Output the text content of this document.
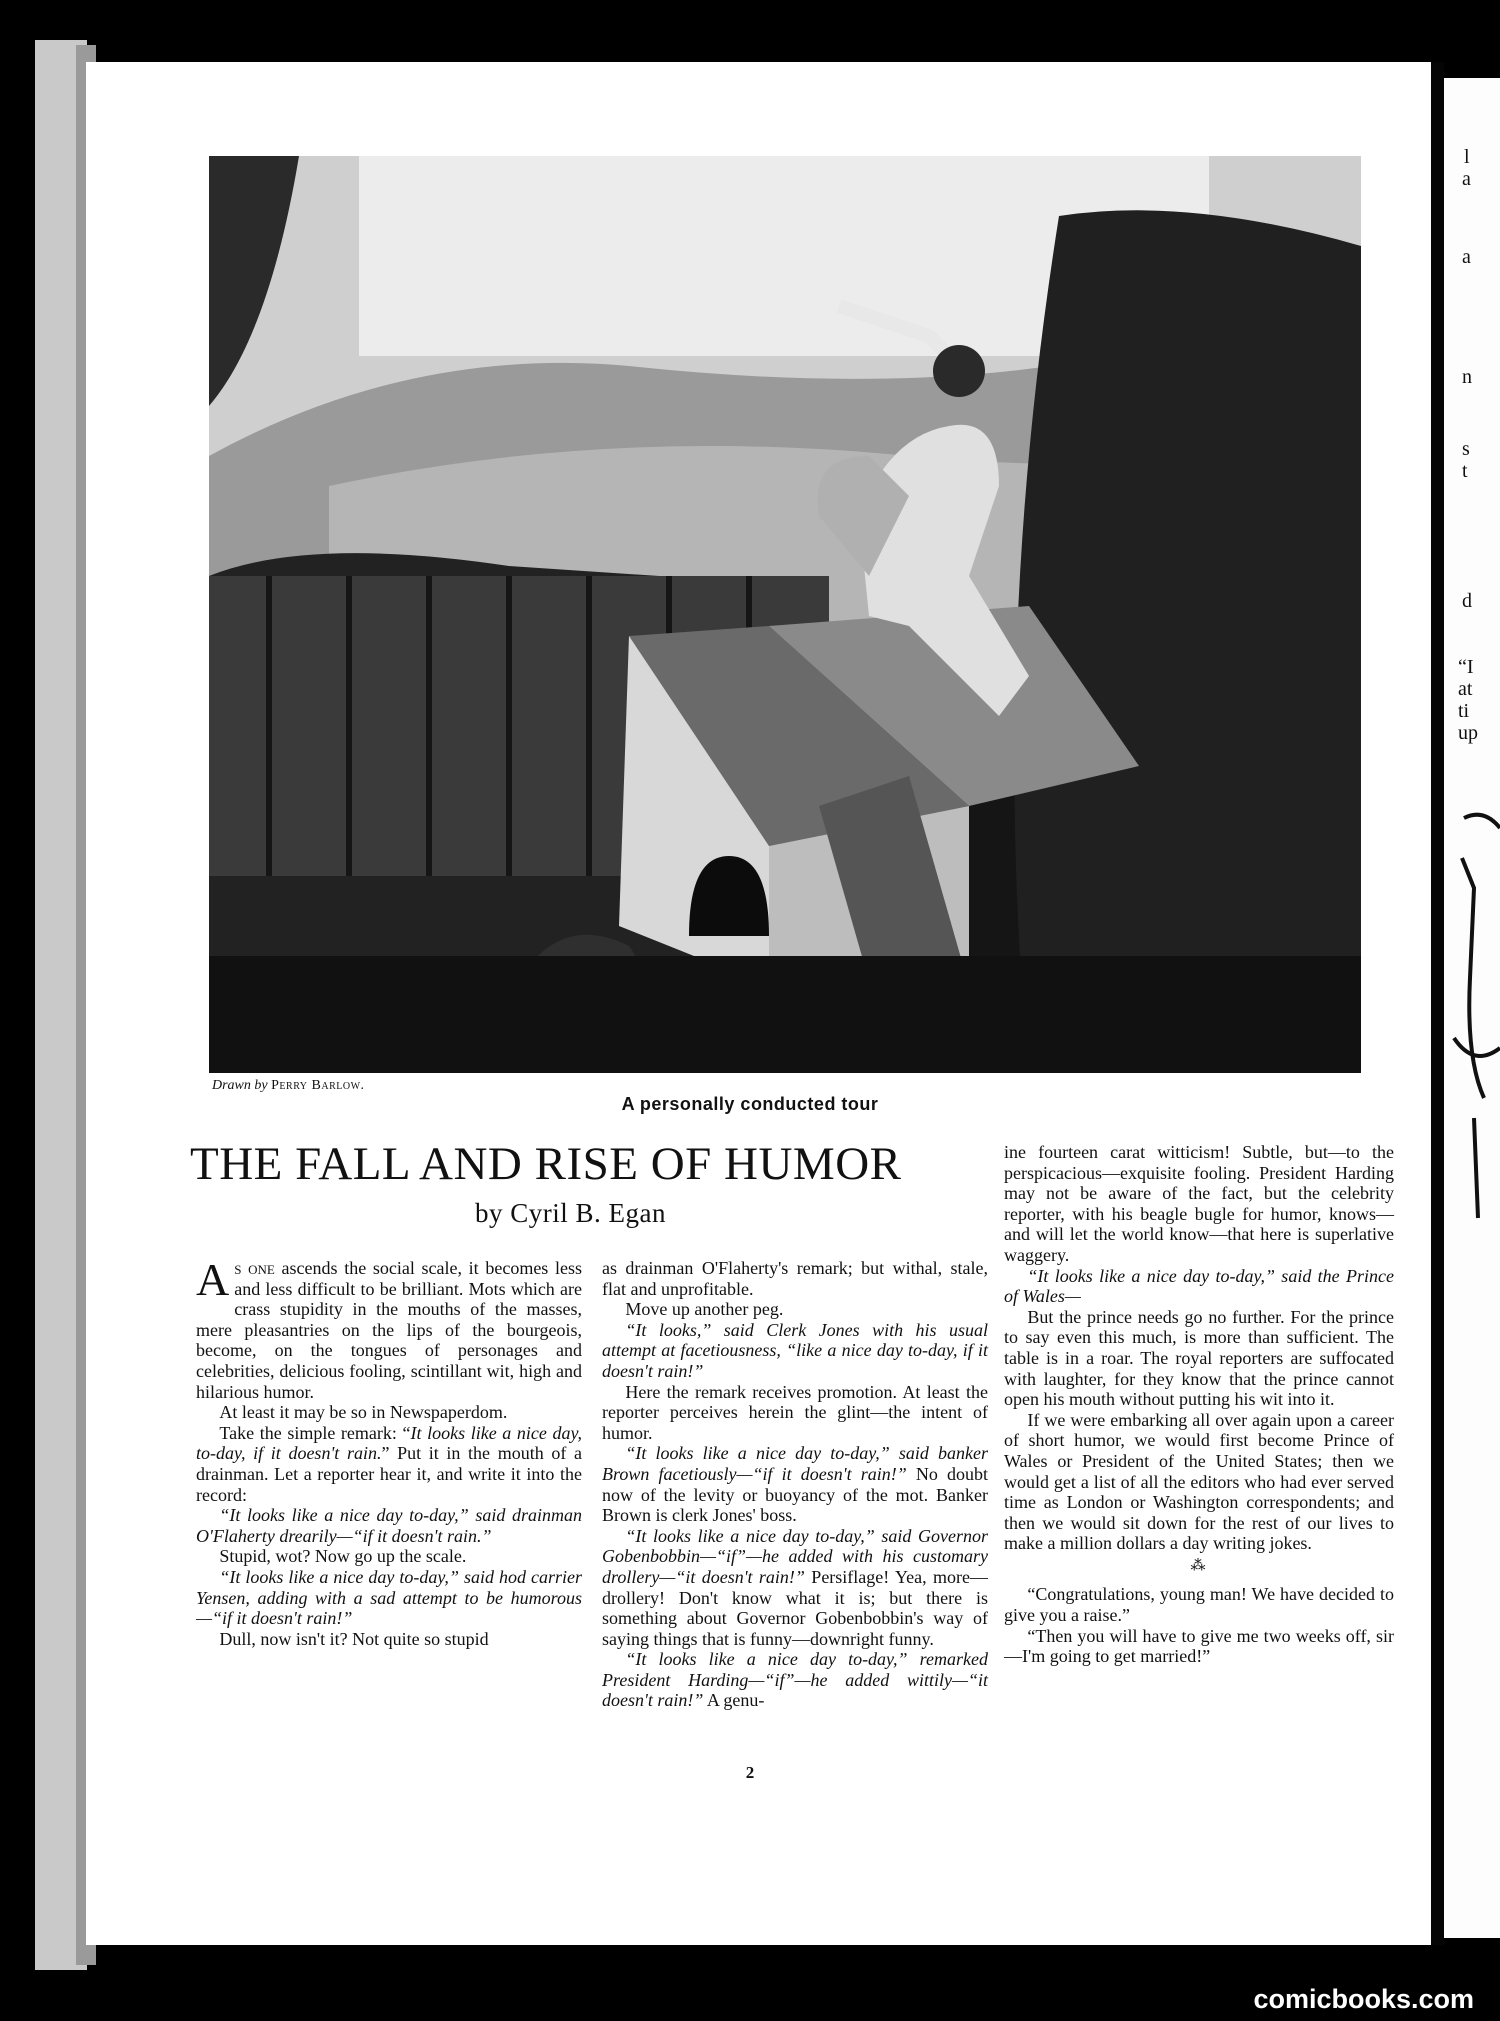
l
a
a
n
s
t
d
“I
at
ti
up
Drawn by Perry Barlow.
A personally conducted tour
THE FALL AND RISE OF HUMOR
by Cyril B. Egan

As one ascends the social scale, it becomes less and less difficult to be brilliant. Mots which are crass stupidity in the mouths of the masses, mere pleasantries on the lips of the bourgeois, become, on the tongues of personages and celebrities, delicious fooling, scintillant wit, high and hilarious humor.

At least it may be so in Newspaperdom.

Take the simple remark: “It looks like a nice day, to-day, if it doesn't rain.” Put it in the mouth of a drainman. Let a reporter hear it, and write it into the record:

“It looks like a nice day to-day,” said drainman O'Flaherty drearily—“if it doesn't rain.”

Stupid, wot? Now go up the scale.

“It looks like a nice day to-day,” said hod carrier Yensen, adding with a sad attempt to be humorous—“if it doesn't rain!”

Dull, now isn't it? Not quite so stupid

as drainman O'Flaherty's remark; but withal, stale, flat and unprofitable.

Move up another peg.

“It looks,” said Clerk Jones with his usual attempt at facetiousness, “like a nice day to-day, if it doesn't rain!”

Here the remark receives promotion. At least the reporter perceives herein the glint—the intent of humor.

“It looks like a nice day to-day,” said banker Brown facetiously—“if it doesn't rain!” No doubt now of the levity or buoyancy of the mot. Banker Brown is clerk Jones' boss.

“It looks like a nice day to-day,” said Governor Gobenbobbin—“if”—he added with his customary drollery—“it doesn't rain!” Persiflage! Yea, more—drollery! Don't know what it is; but there is something about Governor Gobenbobbin's way of saying things that is funny—downright funny.

“It looks like a nice day to-day,” remarked President Harding—“if”—he added wittily—“it doesn't rain!” A genu-

ine fourteen carat witticism! Subtle, but—to the perspicacious—exquisite fooling. President Harding may not be aware of the fact, but the celebrity reporter, with his beagle bugle for humor, knows—and will let the world know—that here is superlative waggery.

“It looks like a nice day to-day,” said the Prince of Wales—

But the prince needs go no further. For the prince to say even this much, is more than sufficient. The table is in a roar. The royal reporters are suffocated with laughter, for they know that the prince cannot open his mouth without putting his wit into it.

If we were embarking all over again upon a career of short humor, we would first become Prince of Wales or President of the United States; then we would get a list of all the editors who had ever served time as London or Washington correspondents; and then we would sit down for the rest of our lives to make a million dollars a day writing jokes.

⁂

“Congratulations, young man! We have decided to give you a raise.”

“Then you will have to give me two weeks off, sir—I'm going to get married!”

2
comicbooks.com
